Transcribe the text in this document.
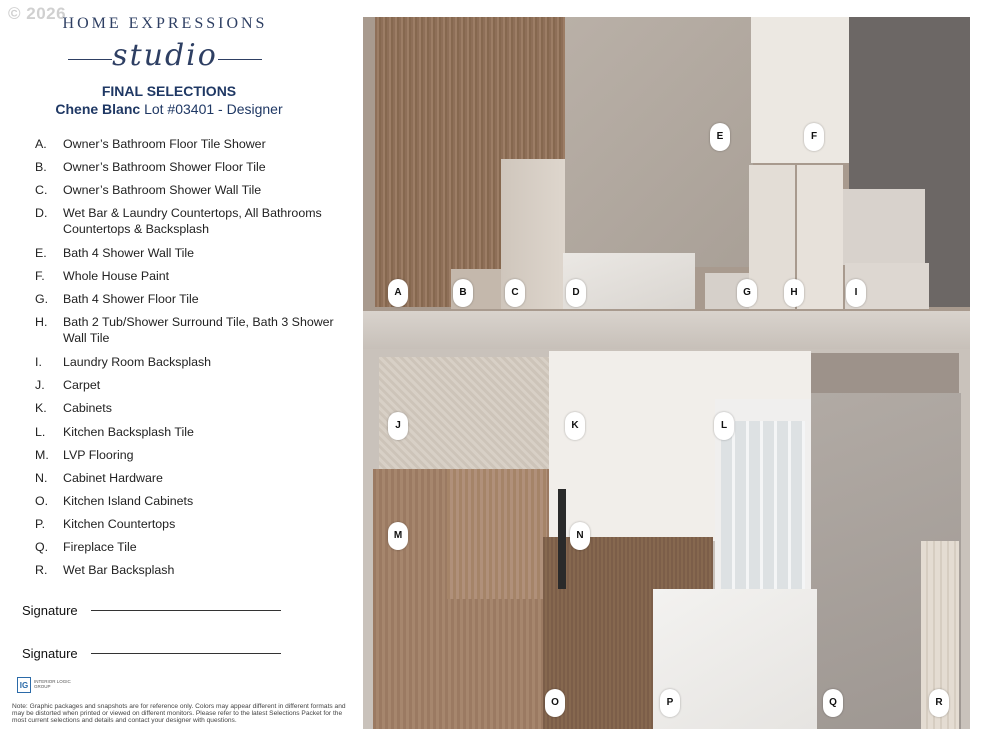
© 2026
HOME EXPRESSIONS
studio
FINAL SELECTIONS
Chene Blanc Lot #03401 - Designer
A.	Owner’s Bathroom Floor Tile Shower
B.	Owner’s Bathroom Shower Floor Tile
C.	Owner’s Bathroom Shower Wall Tile
D.	Wet Bar & Laundry Countertops, All Bathrooms Countertops & Backsplash
E.	Bath 4 Shower Wall Tile
F.	Whole House Paint
G.	Bath 4 Shower Floor Tile
H.	Bath 2 Tub/Shower Surround Tile, Bath 3 Shower Wall Tile
I.	Laundry Room Backsplash
J.	Carpet
K.	Cabinets
L.	Kitchen Backsplash Tile
M.	LVP Flooring
N.	Cabinet Hardware
O.	Kitchen Island Cabinets
P.	Kitchen Countertops
Q.	Fireplace Tile
R.	Wet Bar Backsplash
Signature
Signature
IG	INTERIOR LOGIC GROUP
Note: Graphic packages and snapshots are for reference only. Colors may appear different in different formats and may be distorted when printed or viewed on different monitors. Please refer to the latest Selections Packet for the most current selections and details and contact your designer with questions.
A	B	C	D
E	F
G	H	I
J	K	L
M	N
O	P	Q	R
